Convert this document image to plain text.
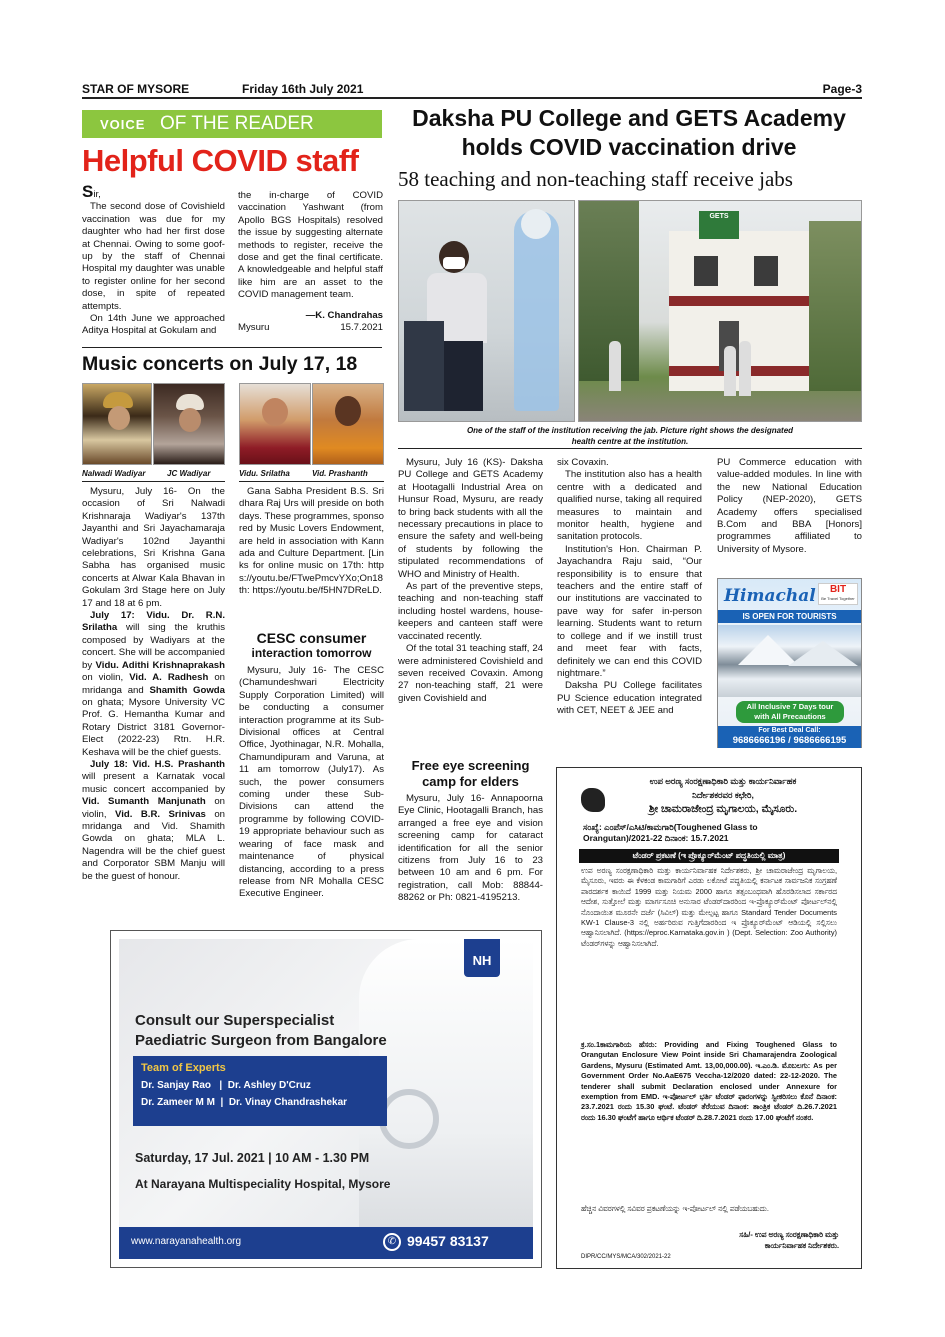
STAR OF MYSORE	Friday 16th July 2021	Page-3
VOICE OF THE READER
Helpful COVID staff
Sir,

The second dose of Covishield vaccination was due for my daughter who had her first dose at Chennai. Owing to some goof-up by the staff of Chennai Hospital my daughter was unable to register online for her second dose, in spite of repeated attempts.

On 14th June we approached Aditya Hospital at Gokulam and

the in-charge of COVID vaccination Yashwant (from Apollo BGS Hospitals) resolved the issue by suggesting alternate methods to register, receive the dose and get the final certificate. A knowledgeable and helpful staff like him are an asset to the COVID management team.
—K. Chandrahas
Mysuru	15.7.2021
Music concerts on July 17, 18
Nalwadi Wadiyar	JC Wadiyar	Vidu. Srilatha	Vid. Prashanth

Mysuru, July 16- On the occasion of Sri Nalwadi Krishnaraja Wadiyar's 137th Jayanthi and Sri Jayachamaraja Wadiyar's 102nd Jayanthi celebrations, Sri Krishna Gana Sabha has organised music concerts at Alwar Kala Bhavan in Gokulam 3rd Stage here on July 17 and 18 at 6 pm.

July 17: Vidu. Dr. R.N. Srilatha will sing the kruthis composed by Wadiyars at the concert. She will be accompanied by Vidu. Adithi Krishnaprakash on violin, Vid. A. Radhesh on mridanga and Shamith Gowda on ghata; Mysore University VC Prof. G. Hemantha Kumar and Rotary District 3181 Governor-Elect (2022-23) Rtn. H.R. Keshava will be the chief guests.

July 18: Vid. H.S. Prashanth will present a Karnatak vocal music concert accompanied by Vid. Sumanth Manjunath on violin, Vid. B.R. Srinivas on mridanga and Vid. Shamith Gowda on ghata; MLA L. Nagendra will be the chief guest and Corporator SBM Manju will be the guest of honour.

Gana Sabha President B.S. Sridhara Raj Urs will preside on both days. These programmes, sponsored by Music Lovers Endowment, are held in association with Kannada and Culture Department. [Links for online music on 17th: https://youtu.be/FTwePmcvYXo;On18th: https://youtu.be/f5HN7DReLD.

CESC consumer
interaction tomorrow

Mysuru, July 16- The CESC (Chamundeshwari Electricity Supply Corporation Limited) will be conducting a consumer interaction programme at its Sub-Divisional offices at Central Office, Jyothinagar, N.R. Mohalla, Chamundipuram and Varuna, at 11 am tomorrow (July17). As such, the power consumers coming under these Sub-Divisions can attend the programme by following COVID-19 appropriate behaviour such as wearing of face mask and maintenance of physical distancing, according to a press release from NR Mohalla CESC Executive Engineer.

Daksha PU College and GETS Academy
holds COVID vaccination drive
58 teaching and non-teaching staff receive jabs
GETS
One of the staff of the institution receiving the jab. Picture right shows the designated
health centre at the institution.

Mysuru, July 16 (KS)- Daksha PU College and GETS Academy at Hootagalli Industrial Area on Hunsur Road, Mysuru, are ready to bring back students with all the necessary precautions in place to ensure the safety and well-being of students by following the stipulated recommendations of WHO and Ministry of Health.

As part of the preventive steps, teaching and non-teaching staff including hostel wardens, house-keepers and canteen staff were vaccinated recently.

Of the total 31 teaching staff, 24 were administered Covishield and seven received Covaxin. Among 27 non-teaching staff, 21 were given Covishield and

six Covaxin.

The institution also has a health centre with a dedicated and qualified nurse, taking all required measures to maintain and monitor health, hygiene and sanitation protocols.

Institution's Hon. Chairman P. Jayachandra Raju said, “Our responsibility is to ensure that teachers and the entire staff of our institutions are vaccinated to pave way for safer in-person learning. Students want to return to college and if we instill trust and meet fear with facts, definitely we can end this COVID nightmare.”

Daksha PU College facilitates PU Science education integrated with CET, NEET & JEE and

PU Commerce education with value-added modules. In line with the new National Education Policy (NEP-2020), GETS Academy offers specialised B.Com and BBA [Honors] programmes affiliated to University of Mysore.
Free eye screening
camp for elders

Mysuru, July 16- Annapoorna Eye Clinic, Hootagalli Branch, has arranged a free eye and vision screening camp for cataract identification for all the senior citizens from July 16 to 23 between 10 am and 6 pm. For registration, call Mob: 88844-88262 or Ph: 0821-4195213.

Himachal	BIT
Be Travel Together
IS OPEN FOR TOURISTS
All Inclusive 7 Days tour
with All Precautions
For Best Deal Call:
9686666196 / 9686666195
NH
Consult our Superspecialist
Paediatric Surgeon from Bangalore
Team of Experts
Dr. Sanjay Rao   |  Dr. Ashley D'Cruz
Dr. Zameer M M  |  Dr. Vinay Chandrashekar
Saturday, 17 Jul. 2021 | 10 AM - 1.30 PM
At Narayana Multispeciality Hospital, Mysore
www.narayanahealth.org	✆ 99457 83137
ಉಪ ಅರಣ್ಯ ಸಂರಕ್ಷಣಾಧಿಕಾರಿ ಮತ್ತು ಕಾರ್ಯನಿರ್ವಾಹಕ
ನಿರ್ದೇಶಕರವರ ಕಛೇರಿ,
ಶ್ರೀ ಚಾಮರಾಜೇಂದ್ರ ಮೃಗಾಲಯ, ಮೈಸೂರು.
ಸಂಖ್ಯೆ: ಎಂಪೆಸ್/ಎಸಿಟಿ/ಕಾಮಗಾರಿ(Toughened Glass to
Orangutan)/2021-22 ದಿನಾಂಕ: 15.7.2021
ಟೆಂಡರ್ ಪ್ರಕಟಣೆ (ಇ ಪ್ರೊಕ್ಯೂರ್‌ಮೆಂಟ್ ಪದ್ಧತಿಯಲ್ಲಿ ಮಾತ್ರ)
ಉಪ ಅರಣ್ಯ ಸಂರಕ್ಷಣಾಧಿಕಾರಿ ಮತ್ತು ಕಾರ್ಯನಿರ್ವಾಹಕ ನಿರ್ದೇಶಕರು, ಶ್ರೀ ಚಾಮರಾಜೇಂದ್ರ ಮೃಗಾಲಯ, ಮೈಸೂರು, ಇವರು ಈ ಕೆಳಕಂಡ ಕಾಮಗಾರಿಗೆ ಎರಡು ಲಕೋಟೆ ಪದ್ಧತಿಯಲ್ಲಿ ಕರ್ನಾಟಕ ಸಾರ್ವಜನಿಕ ಸಂಗ್ರಹಣೆ ಪಾರದರ್ಶಕ ಕಾಯಿದೆ 1999 ಮತ್ತು ನಿಯಮ 2000 ಹಾಗೂ ತತ್ಸಂಬಂಧವಾಗಿ ಹೊರಡಿಸಲಾದ ಸರ್ಕಾರದ ಆದೇಶ, ಸುತ್ತೋಲೆ ಮತ್ತು ಮಾರ್ಗಸೂಚಿ ಅನುಸಾರ ಟೆಂಡರ್‌ದಾರರಿಂದ ಇ-ಪ್ರೊಕ್ಯೂರ್‌ಮೆಂಟ್ ಪೋರ್ಟಲ್‌ನಲ್ಲಿ ನೊಂದಾಯಿತ ಮೂರನೇ ದರ್ಜೆ (ಸಿವಿಲ್) ಮತ್ತು ಮೇಲ್ಪಟ್ಟ ಹಾಗೂ Standard Tender Documents KW-1 Clause-3 ನಲ್ಲಿ ಅರ್ಹರಿರುವ ಗುತ್ತಿಗೆದಾರರಿಂದ ಇ ಪ್ರೊಕ್ಯೂರ್‌ಮೆಂಟ್ ಆಡಿಯಲ್ಲಿ ಸಲ್ಲಿಸಲು ಆಹ್ವಾನಿಸಲಾಗಿದೆ. (https://eproc.Karnataka.gov.in ) (Dept. Selection: Zoo Authority) ಟೆಂಡರ್‌ಗಳನ್ನು ಆಹ್ವಾನಿಸಲಾಗಿದೆ.
ಕ್ರ.ಸಂ.1ಕಾಮಗಾರಿಯ ಹೆಸರು: Providing and Fixing Toughened Glass to Orangutan Enclosure View Point inside Sri Chamarajendra Zoological Gardens, Mysuru (Estimated Amt. 13,00,000.00). ಇ.ಎಂ.ಡಿ. ಮೊಬಲಗು: As per Government Order No.AaE675 Veccha-12/2020 dated: 22-12-2020. The tenderer shall submit Declaration enclosed under Annexure for exemption from EMD. ಇ-ಪೋರ್ಟಲ್ ಭರ್ತಿ ಟೆಂಡರ್ ಫಾರಂಗಳನ್ನು ಸ್ವೀಕರಿಸಲು ಕೊನೆ ದಿನಾಂಕ: 23.7.2021 ರಂದು 15.30 ಘಂಟೆ. ಟೆಂಡರ್ ತೆರೆಯುವ ದಿನಾಂಕ: ತಾಂತ್ರಿಕ ಟೆಂಡರ್ ದಿ.26.7.2021 ರಂದು 16.30 ಘಂಟೆಗೆ ಹಾಗೂ ಆರ್ಥಿಕ ಟೆಂಡರ್ ದಿ.28.7.2021 ರಂದು 17.00 ಘಂಟೆಗೆ ನಂತರ.
ಹೆಚ್ಚಿನ ವಿವರಗಳಲ್ಲಿ ಸವಿವರ ಪ್ರಕಟಣೆಯನ್ನು ಇ-ಪೋರ್ಟಲ್ ನಲ್ಲಿ ಪಡೆಯಬಹುದು.
ಸಹಿ/- ಉಪ ಅರಣ್ಯ ಸಂರಕ್ಷಣಾಧಿಕಾರಿ ಮತ್ತು
ಕಾರ್ಯನಿರ್ವಾಹಕ ನಿರ್ದೇಶಕರು.
DIPR/CC/MYS/MCA/302/2021-22
